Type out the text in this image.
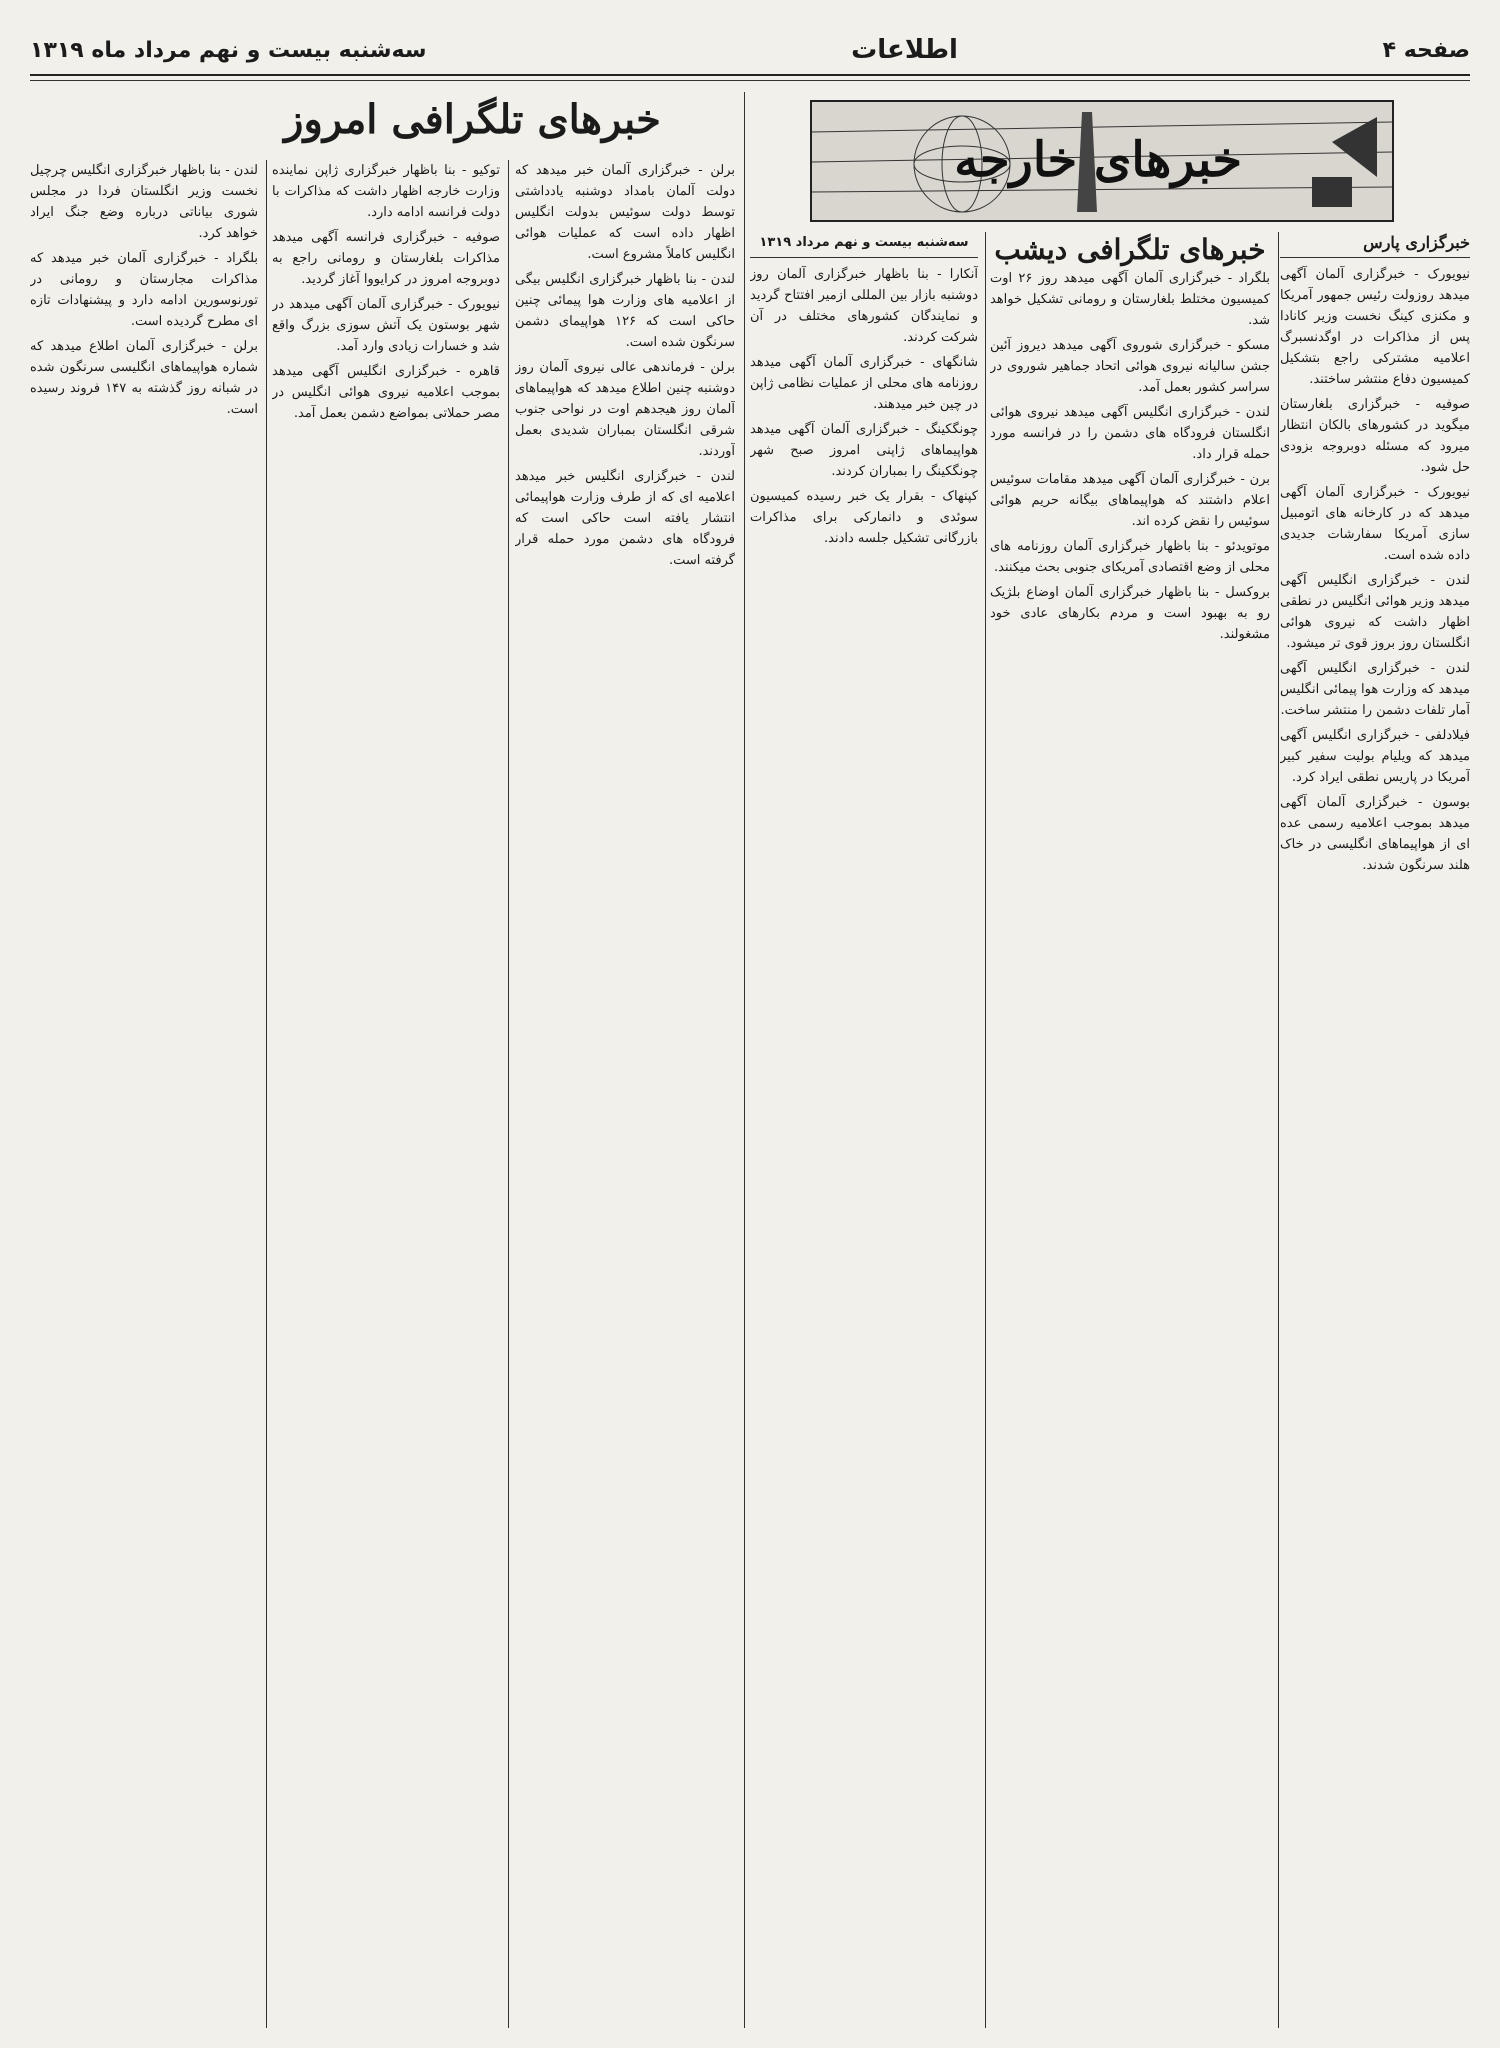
صفحه ۴
اطلاعات
سه‌شنبه بیست و نهم مرداد ماه ۱۳۱۹
خبرهای خارجه
خبرگزاری پارس

نیویورک - خبرگزاری آلمان آگهی میدهد روزولت رئیس جمهور آمریکا و مکنزی کینگ نخست وزیر کانادا پس از مذاکرات در اوگدنسبرگ اعلامیه مشترکی راجع بتشکیل کمیسیون دفاع منتشر ساختند.

صوفیه - خبرگزاری بلغارستان میگوید در کشورهای بالکان انتظار میرود که مسئله دوبروجه بزودی حل شود.

نیویورک - خبرگزاری آلمان آگهی میدهد که در کارخانه های اتومبیل سازی آمریکا سفارشات جدیدی داده شده است.

لندن - خبرگزاری انگلیس آگهی میدهد وزیر هوائی انگلیس در نطقی اظهار داشت که نیروی هوائی انگلستان روز بروز قوی تر میشود.

لندن - خبرگزاری انگلیس آگهی میدهد که وزارت هوا پیمائی انگلیس آمار تلفات دشمن را منتشر ساخت.

فیلادلفی - خبرگزاری انگلیس آگهی میدهد که ویلیام بولیت سفیر کبیر آمریکا در پاریس نطقی ایراد کرد.

بوسون - خبرگزاری آلمان آگهی میدهد بموجب اعلامیه رسمی عده ای از هواپیماهای انگلیسی در خاک هلند سرنگون شدند.

خبرهای تلگرافی دیشب

بلگراد - خبرگزاری آلمان آگهی میدهد روز ۲۶ اوت کمیسیون مختلط بلغارستان و رومانی تشکیل خواهد شد.

مسکو - خبرگزاری شوروی آگهی میدهد دیروز آئین جشن سالیانه نیروی هوائی اتحاد جماهیر شوروی در سراسر کشور بعمل آمد.

لندن - خبرگزاری انگلیس آگهی میدهد نیروی هوائی انگلستان فرودگاه های دشمن را در فرانسه مورد حمله قرار داد.

برن - خبرگزاری آلمان آگهی میدهد مقامات سوئیس اعلام داشتند که هواپیماهای بیگانه حریم هوائی سوئیس را نقض کرده اند.

موتویدئو - بنا باظهار خبرگزاری آلمان روزنامه های محلی از وضع اقتصادی آمریکای جنوبی بحث میکنند.

بروکسل - بنا باظهار خبرگزاری آلمان اوضاع بلژیک رو به بهبود است و مردم بکارهای عادی خود مشغولند.

سه‌شنبه بیست و نهم مرداد ۱۳۱۹

آنکارا - بنا باظهار خبرگزاری آلمان روز دوشنبه بازار بین المللی ازمیر افتتاح گردید و نمایندگان کشورهای مختلف در آن شرکت کردند.

شانگهای - خبرگزاری آلمان آگهی میدهد روزنامه های محلی از عملیات نظامی ژاپن در چین خبر میدهند.

چونگکینگ - خبرگزاری آلمان آگهی میدهد هواپیماهای ژاپنی امروز صبح شهر چونگکینگ را بمباران کردند.

کپنهاک - بقرار یک خبر رسیده کمیسیون سوئدی و دانمارکی برای مذاکرات بازرگانی تشکیل جلسه دادند.

خبرهای تلگرافی امروز

برلن - خبرگزاری آلمان خبر میدهد که دولت آلمان بامداد دوشنبه یادداشتی توسط دولت سوئیس بدولت انگلیس اظهار داده است که عملیات هوائی انگلیس کاملاً مشروع است.

لندن - بنا باظهار خبرگزاری انگلیس بیگی از اعلامیه های وزارت هوا پیمائی چنین حاکی است که ۱۲۶ هواپیمای دشمن سرنگون شده است.

برلن - فرماندهی عالی نیروی آلمان روز دوشنبه چنین اطلاع میدهد که هواپیماهای آلمان روز هیجدهم اوت در نواحی جنوب شرقی انگلستان بمباران شدیدی بعمل آوردند.

لندن - خبرگزاری انگلیس خبر میدهد اعلامیه ای که از طرف وزارت هواپیمائی انتشار یافته است حاکی است که فرودگاه های دشمن مورد حمله قرار گرفته است.

توکیو - بنا باظهار خبرگزاری ژاپن نماینده وزارت خارجه اظهار داشت که مذاکرات با دولت فرانسه ادامه دارد.

صوفیه - خبرگزاری فرانسه آگهی میدهد مذاکرات بلغارستان و رومانی راجع به دوبروجه امروز در کرایووا آغاز گردید.

نیویورک - خبرگزاری آلمان آگهی میدهد در شهر بوستون یک آتش سوزی بزرگ واقع شد و خسارات زیادی وارد آمد.

قاهره - خبرگزاری انگلیس آگهی میدهد بموجب اعلامیه نیروی هوائی انگلیس در مصر حملاتی بمواضع دشمن بعمل آمد.

لندن - بنا باظهار خبرگزاری انگلیس چرچیل نخست وزیر انگلستان فردا در مجلس شوری بیاناتی درباره وضع جنگ ایراد خواهد کرد.

بلگراد - خبرگزاری آلمان خبر میدهد که مذاکرات مجارستان و رومانی در تورنوسورین ادامه دارد و پیشنهادات تازه ای مطرح گردیده است.

برلن - خبرگزاری آلمان اطلاع میدهد که شماره هواپیماهای انگلیسی سرنگون شده در شبانه روز گذشته به ۱۴۷ فروند رسیده است.
